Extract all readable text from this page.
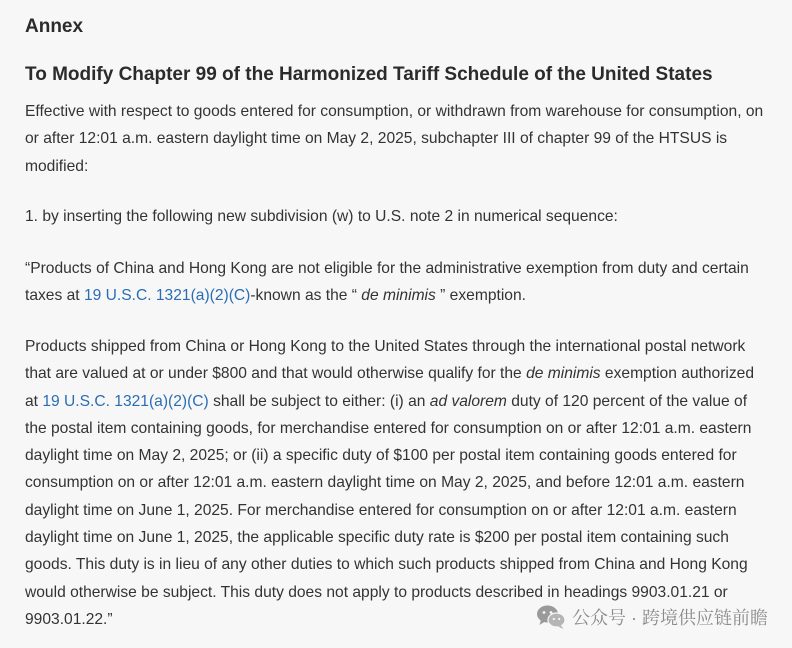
Annex
To Modify Chapter 99 of the Harmonized Tariff Schedule of the United States
Effective with respect to goods entered for consumption, or withdrawn from warehouse for consumption, on or after 12:01 a.m. eastern daylight time on May 2, 2025, subchapter III of chapter 99 of the HTSUS is modified:
1. by inserting the following new subdivision (w) to U.S. note 2 in numerical sequence:
“Products of China and Hong Kong are not eligible for the administrative exemption from duty and certain taxes at 19 U.S.C. 1321(a)(2)(C)-known as the “ de minimis ” exemption.
Products shipped from China or Hong Kong to the United States through the international postal network that are valued at or under $800 and that would otherwise qualify for the de minimis exemption authorized at 19 U.S.C. 1321(a)(2)(C) shall be subject to either: (i) an ad valorem duty of 120 percent of the value of the postal item containing goods, for merchandise entered for consumption on or after 12:01 a.m. eastern daylight time on May 2, 2025; or (ii) a specific duty of $100 per postal item containing goods entered for consumption on or after 12:01 a.m. eastern daylight time on May 2, 2025, and before 12:01 a.m. eastern daylight time on June 1, 2025. For merchandise entered for consumption on or after 12:01 a.m. eastern daylight time on June 1, 2025, the applicable specific duty rate is $200 per postal item containing such goods. This duty is in lieu of any other duties to which such products shipped from China and Hong Kong would otherwise be subject. This duty does not apply to products described in headings 9903.01.21 or 9903.01.22.”	公众号 · 跨境供应链前瞻
